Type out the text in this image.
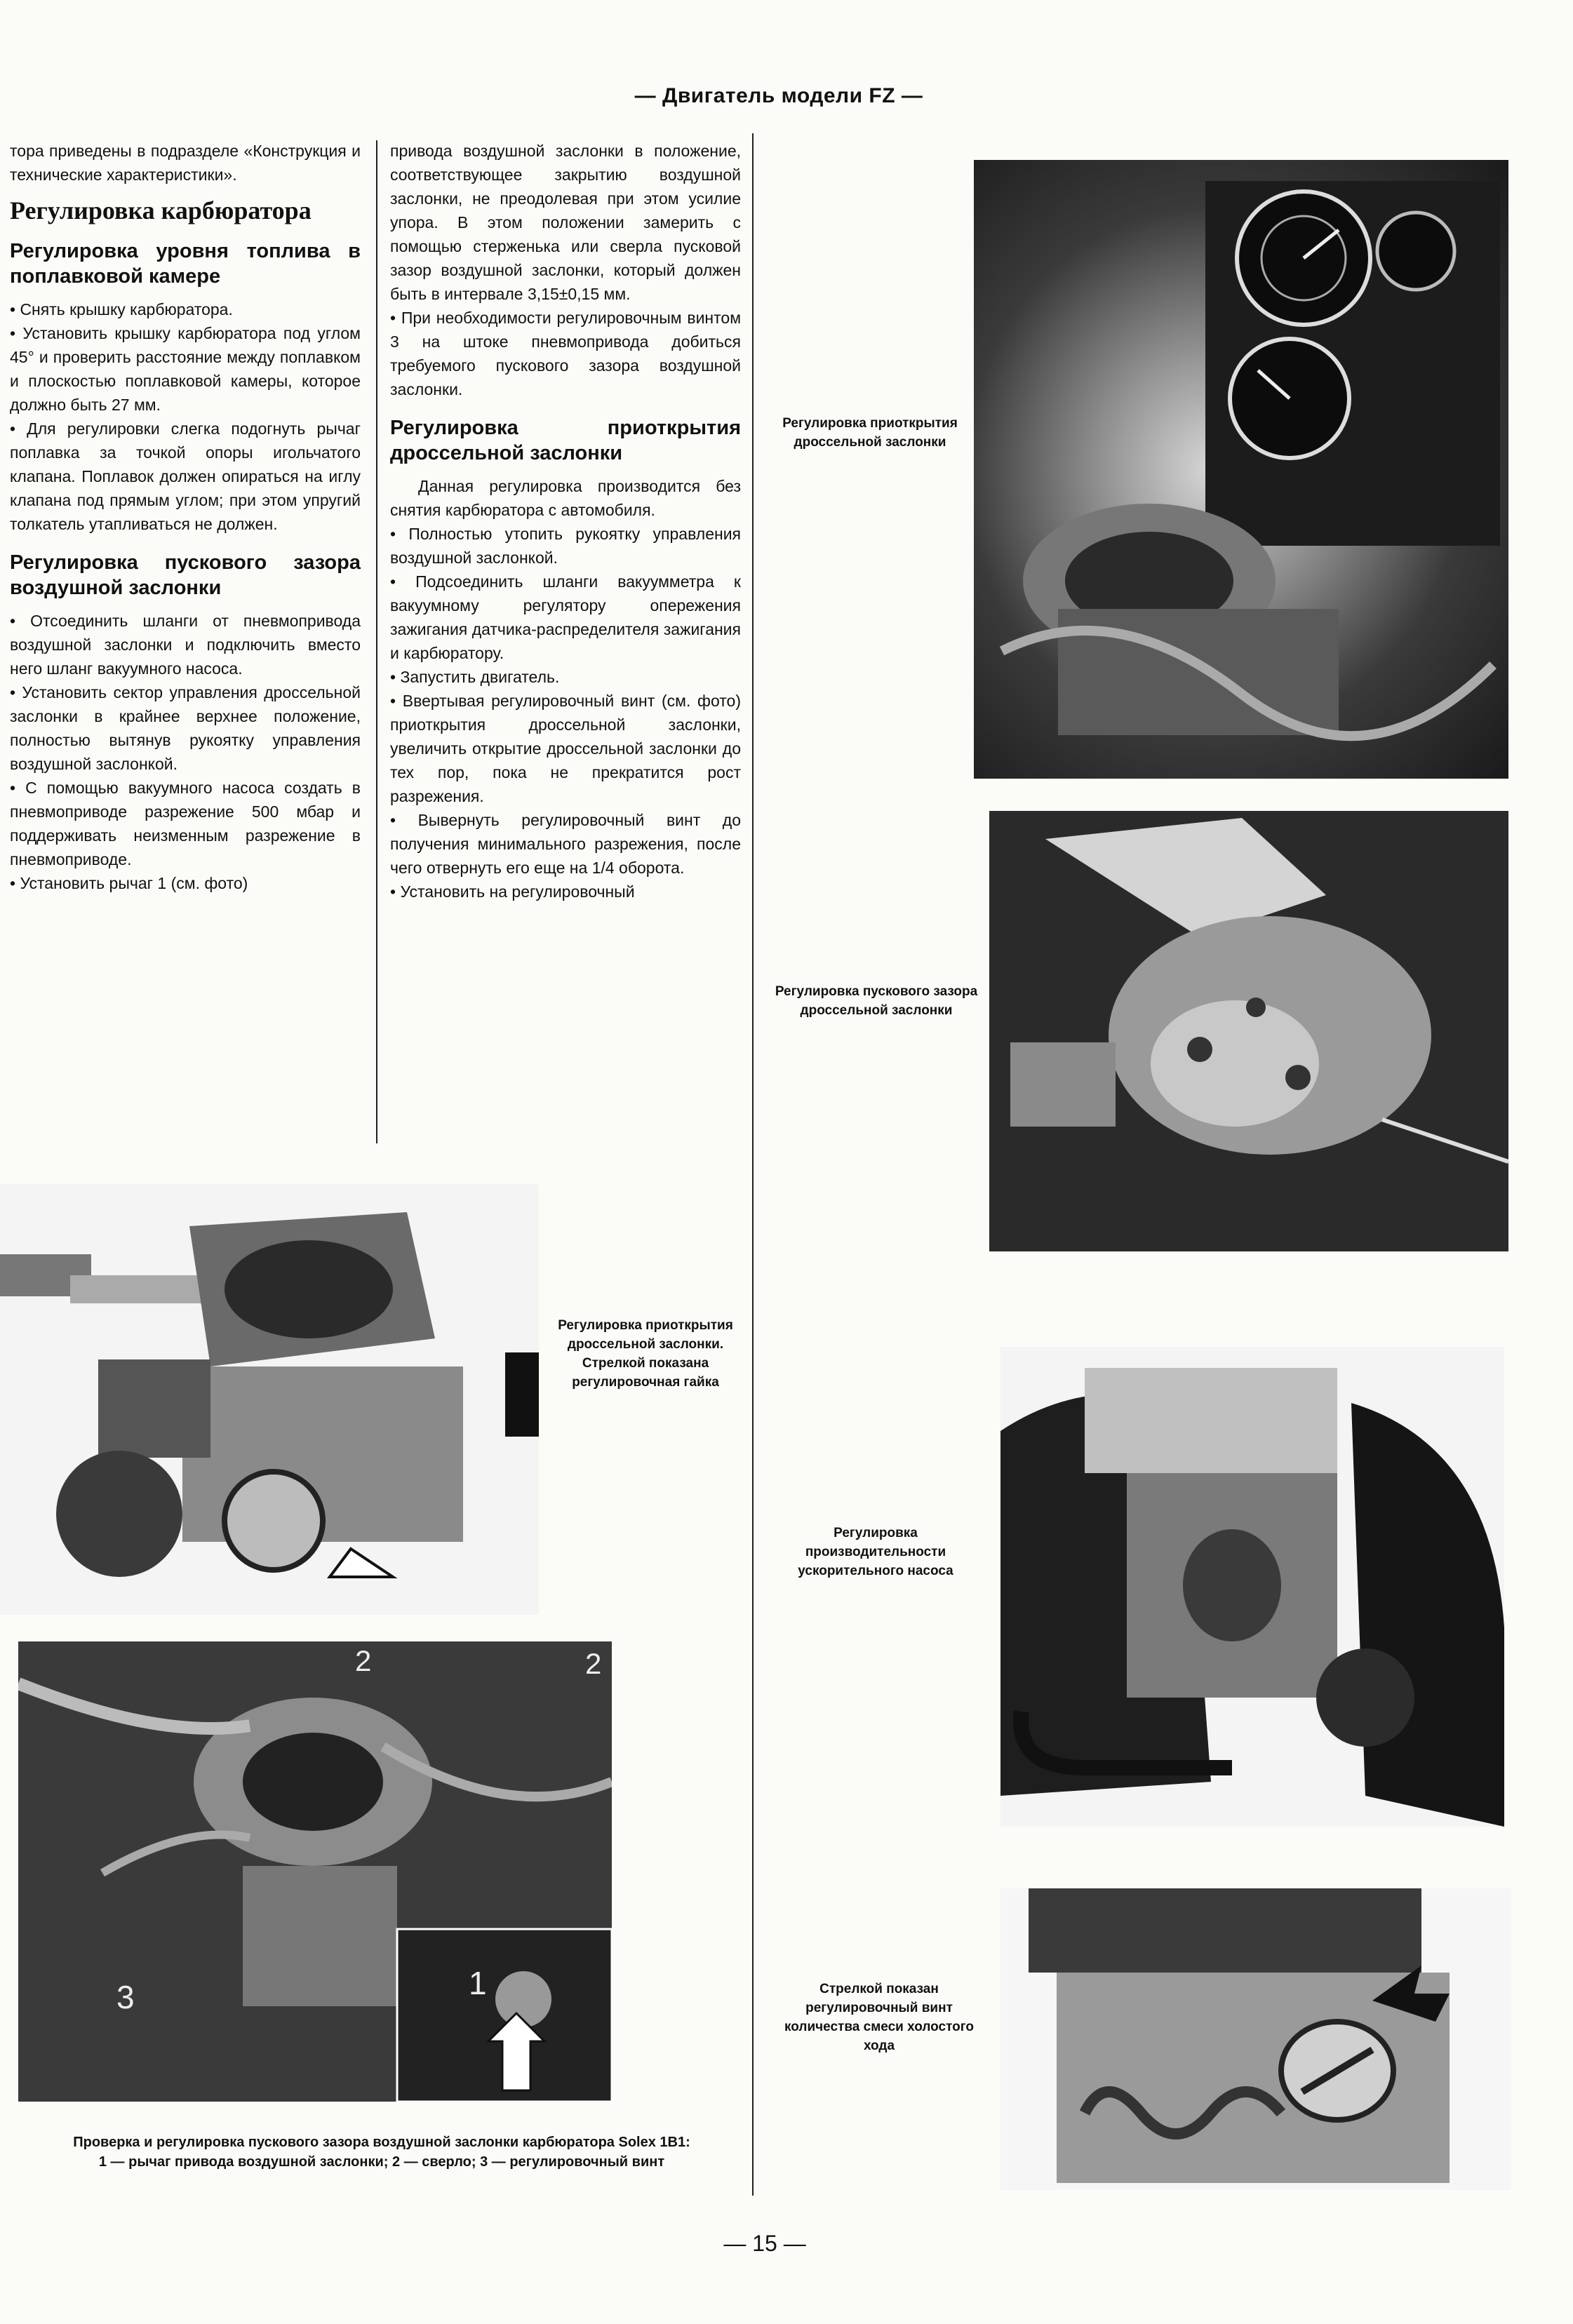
— Двигатель модели FZ —

тора приведены в подразделе «Конструкция и технические характеристики».

Регулировка карбюратора
Регулировка уровня топлива в поплавковой камере

• Снять крышку карбюратора.

• Установить крышку карбюратора под углом 45° и проверить расстояние между поплавком и плоскостью поплавковой камеры, которое должно быть 27 мм.

• Для регулировки слегка подогнуть рычаг поплавка за точкой опоры игольчатого клапана. Поплавок должен опираться на иглу клапана под прямым углом; при этом упругий толкатель утапливаться не должен.

Регулировка пускового зазора воздушной заслонки

• Отсоединить шланги от пневмопривода воздушной заслонки и подключить вместо него шланг вакуумного насоса.

• Установить сектор управления дроссельной заслонки в крайнее верхнее положение, полностью вытянув рукоятку управления воздушной заслонкой.

• С помощью вакуумного насоса создать в пневмоприводе разрежение 500 мбар и поддерживать неизменным разрежение в пневмоприводе.

• Установить рычаг 1 (см. фото)

привода воздушной заслонки в положение, соответствующее закрытию воздушной заслонки, не преодолевая при этом усилие упора. В этом положении замерить с помощью стерженька или сверла пусковой зазор воздушной заслонки, который должен быть в интервале 3,15±0,15 мм.

• При необходимости регулировочным винтом 3 на штоке пневмопривода добиться требуемого пускового зазора воздушной заслонки.

Регулировка приоткрытия дроссельной заслонки

Данная регулировка производится без снятия карбюратора с автомобиля.

• Полностью утопить рукоятку управления воздушной заслонкой.

• Подсоединить шланги вакуумметра к вакуумному регулятору опережения зажигания датчика-распределителя зажигания и карбюратору.

• Запустить двигатель.

• Ввертывая регулировочный винт (см. фото) приоткрытия дроссельной заслонки, увеличить открытие дроссельной заслонки до тех пор, пока не прекратится рост разрежения.

• Вывернуть регулировочный винт до получения минимального разрежения, после чего отвернуть его еще на 1/4 оборота.

• Установить на регулировочный

Регулировка приоткрытия дроссельной заслонки
Регулировка пускового зазора дроссельной заслонки
Регулировка производительности ускорительного насоса
Стрелкой показан регулировочный винт количества смеси холостого хода
Регулировка приоткрытия дроссельной заслонки. Стрелкой показана регулировочная гайка
2	2
3	1
Проверка и регулировка пускового зазора воздушной заслонки карбюратора Solex 1B1:
1 — рычаг привода воздушной заслонки; 2 — сверло; 3 — регулировочный винт
— 15 —
